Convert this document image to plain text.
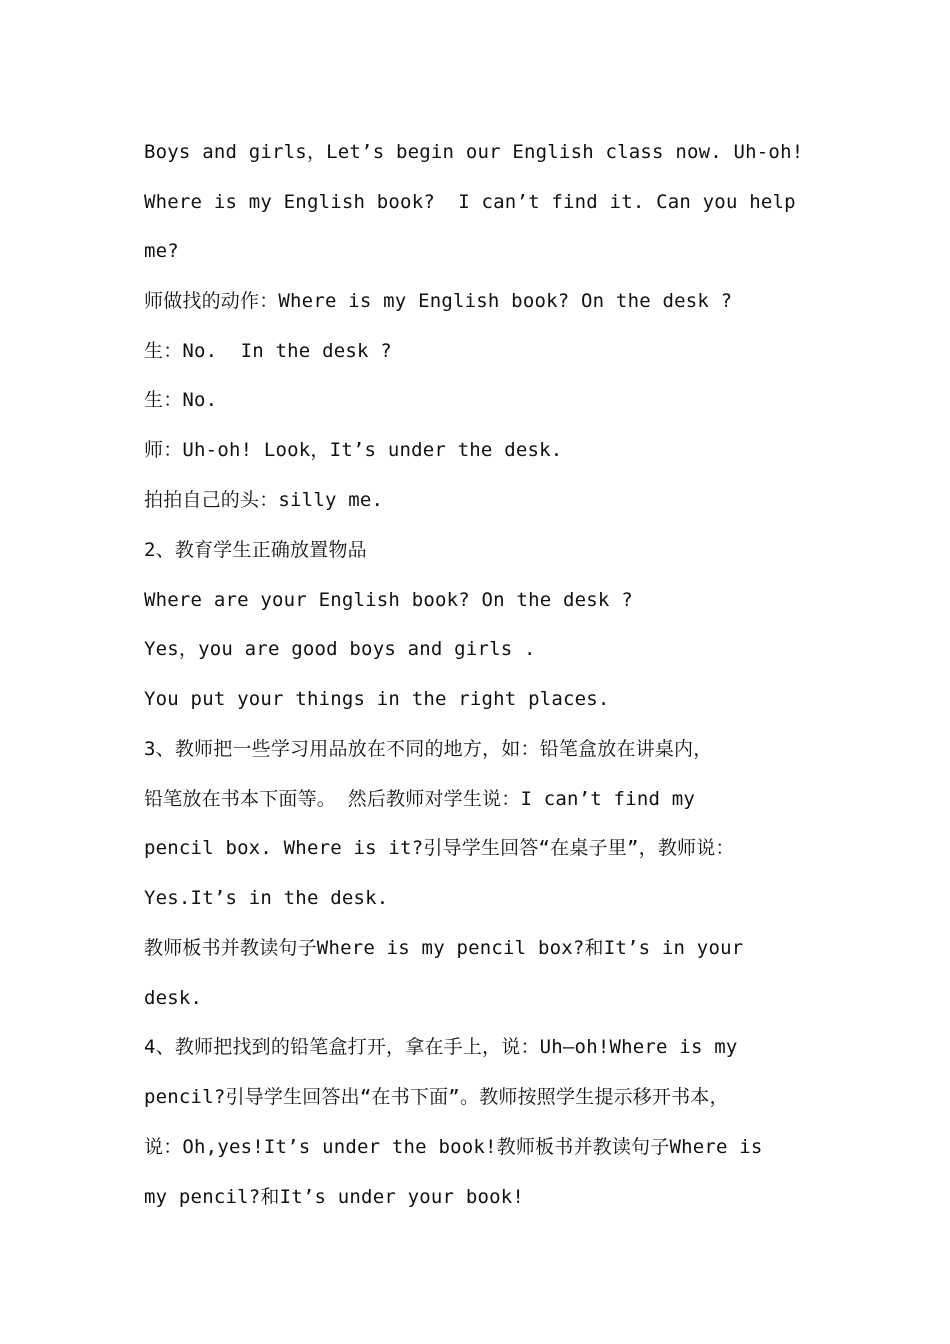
Boys and girls，Let’s begin our English class now. Uh-oh!
Where is my English book?  I can’t find it. Can you help
me?
师做找的动作：Where is my English book? On the desk ?
生：No.  In the desk ?
生：No.
师：Uh-oh! Look，It’s under the desk.
拍拍自己的头：silly me.
2、教育学生正确放置物品
Where are your English book? On the desk ?
Yes，you are good boys and girls .
You put your things in the right places.
3、教师把一些学习用品放在不同的地方，如：铅笔盒放在讲桌内，
铅笔放在书本下面等。 然后教师对学生说：I can’t find my
pencil box. Where is it?引导学生回答“在桌子里”，教师说：
Yes.It’s in the desk.
教师板书并教读句子Where is my pencil box?和It’s in your
desk.
4、教师把找到的铅笔盒打开，拿在手上，说：Uh—oh!Where is my
pencil?引导学生回答出“在书下面”。教师按照学生提示移开书本，
说：Oh,yes!It’s under the book!教师板书并教读句子Where is
my pencil?和It’s under your book!
